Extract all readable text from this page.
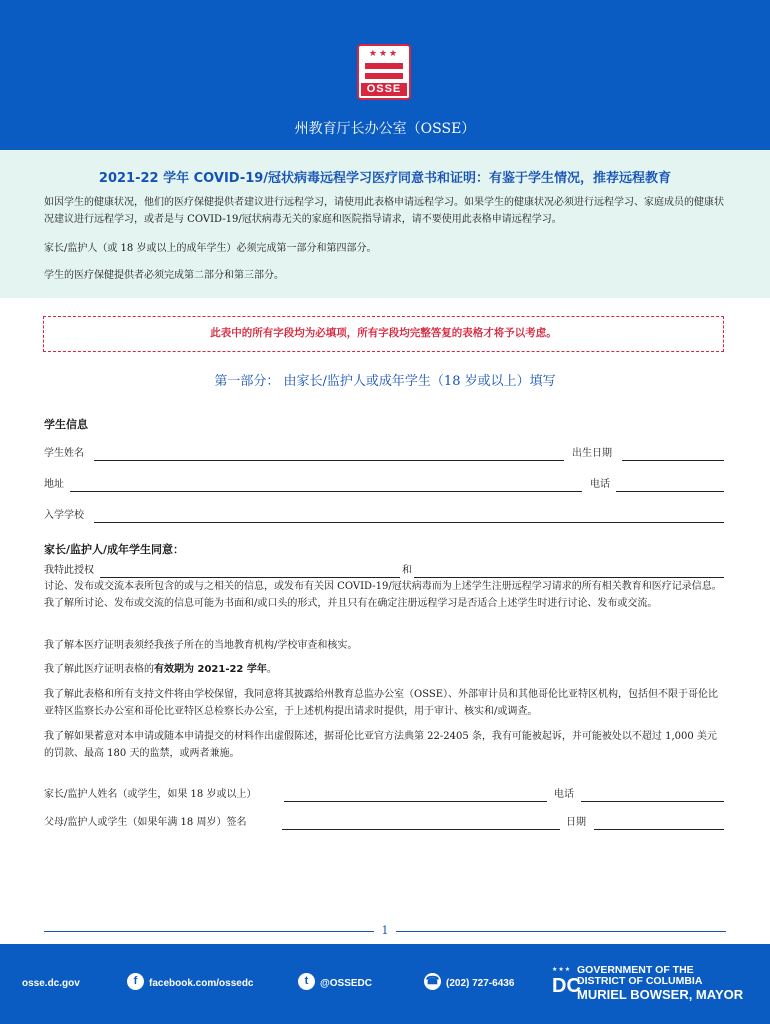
★★★
OSSE
州教育厅长办公室（OSSE）
2021-22 学年 COVID-19/冠状病毒远程学习医疗同意书和证明：有鉴于学生情况，推荐远程教育

如因学生的健康状况，他们的医疗保健提供者建议进行远程学习，请使用此表格申请远程学习。如果学生的健康状况必须进行远程学习、家庭成员的健康状况建议进行远程学习，或者是与 COVID-19/冠状病毒无关的家庭和医院指导请求，请不要使用此表格申请远程学习。

家长/监护人（或 18 岁或以上的成年学生）必须完成第一部分和第四部分。

学生的医疗保健提供者必须完成第二部分和第三部分。

此表中的所有字段均为必填项，所有字段均完整答复的表格才将予以考虑。
第一部分： 由家长/监护人或成年学生（18 岁或以上）填写
学生信息
学生姓名	出生日期
地址	电话
入学学校
家长/监护人/成年学生同意：
我特此授权	和
讨论、发布或交流本表所包含的或与之相关的信息，或发布有关因 COVID-19/冠状病毒而为上述学生注册远程学习请求的所有相关教育和医疗记录信息。我了解所讨论、发布或交流的信息可能为书面和/或口头的形式，并且只有在确定注册远程学习是否适合上述学生时进行讨论、发布或交流。
我了解本医疗证明表须经我孩子所在的当地教育机构/学校审查和核实。
我了解此医疗证明表格的有效期为 2021-22 学年。
我了解此表格和所有支持文件将由学校保留，我同意将其披露给州教育总监办公室（OSSE）、外部审计员和其他哥伦比亚特区机构，包括但不限于哥伦比亚特区监察长办公室和哥伦比亚特区总检察长办公室，于上述机构提出请求时提供，用于审计、核实和/或调查。
我了解如果蓄意对本申请或随本申请提交的材料作出虚假陈述，据哥伦比亚官方法典第 22-2405 条，我有可能被起诉，并可能被处以不超过 1,000 美元的罚款、最高 180 天的监禁，或两者兼施。
家长/监护人姓名（或学生，如果 18 岁或以上）	电话
父母/监护人或学生（如果年满 18 周岁）签名	日期
1
osse.dc.gov	f	facebook.com/ossedc	t	@OSSEDC	☎ (202) 727-6436
★★★
DC
GOVERNMENT OF THE
DISTRICT OF COLUMBIA
MURIEL BOWSER, MAYOR
